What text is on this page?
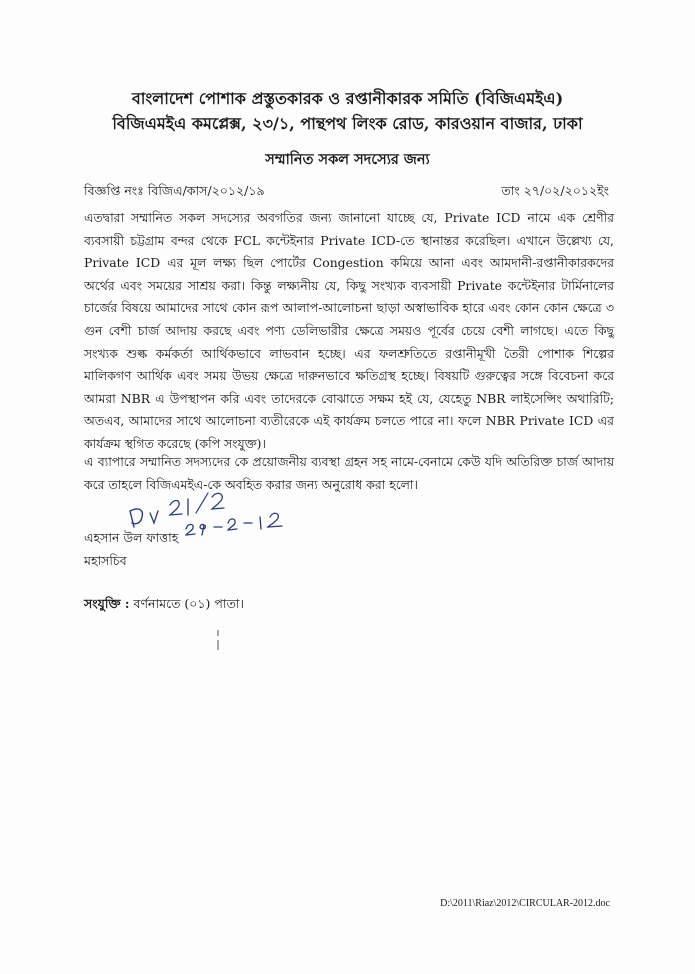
বাংলাদেশ পোশাক প্রস্তুতকারক ও রপ্তানীকারক সমিতি (বিজিএমইএ)
বিজিএমইএ কমপ্লেক্স, ২৩/১, পান্থপথ লিংক রোড, কারওয়ান বাজার, ঢাকা
সম্মানিত সকল সদস্যের জন্য
বিজ্ঞপ্তি নংঃ বিজিএ/কাস/২০১২/১৯	তাং ২৭/০২/২০১২ইং
এতদ্বারা সম্মানিত সকল সদস্যের অবগতির জন্য জানানো যাচ্ছে যে, Private ICD নামে এক শ্রেণীর ব্যবসায়ী চট্টগ্রাম বন্দর থেকে FCL কন্টেইনার Private ICD-তে স্থানান্তর করেছিল। এখানে উল্লেখ্য যে, Private ICD এর মূল লক্ষ্য ছিল পোর্টের Congestion কমিয়ে আনা এবং আমদানী-রপ্তানীকারকদের অর্থের এবং সময়ের সাশ্রয় করা। কিন্তু লক্ষ্যনীয় যে, কিছু সংখ্যক ব্যবসায়ী Private কন্টেইনার টার্মিনালের চার্জের বিষয়ে আমাদের সাথে কোন রূপ আলাপ-আলোচনা ছাড়া অস্বাভাবিক হারে এবং কোন কোন ক্ষেত্রে ৩ গুন বেশী চার্জ আদায় করছে এবং পণ্য ডেলিভারীর ক্ষেত্রে সময়ও পূর্বের চেয়ে বেশী লাগছে। এতে কিছু সংখ্যক শুল্ক কর্মকর্তা আর্থিকভাবে লাভবান হচ্ছে। এর ফলশ্রুতিতে রপ্তানীমূখী তৈরী পোশাক শিল্পের মালিকগণ আর্থিক এবং সময় উভয় ক্ষেত্রে দারুনভাবে ক্ষতিগ্রস্থ হচ্ছে। বিষয়টি গুরুত্বের সঙ্গে বিবেচনা করে আমরা NBR এ উপস্থাপন করি এবং তাদেরকে বোঝাতে সক্ষম হই যে, যেহেতু NBR লাইসেন্সিং অথারিটি; অতএব, আমাদের সাথে আলোচনা ব্যতীরেকে এই কার্যক্রম চলতে পারে না। ফলে NBR Private ICD এর কার্যক্রম স্থগিত করেছে (কপি সংযুক্ত)।
এ ব্যাপারে সম্মানিত সদস্যদের কে প্রয়োজনীয় ব্যবস্থা গ্রহন সহ নামে-বেনামে কেউ যদি অতিরিক্ত চার্জ আদায় করে তাহলে বিজিএমইএ-কে অবহিত করার জন্য অনুরোধ করা হলো।
এহসান উল ফাত্তাহ
মহাসচিব
সংযুক্তি : বর্ণনামতে (০১) পাতা।
D:\2011\Riaz\2012\CIRCULAR-2012.doc
